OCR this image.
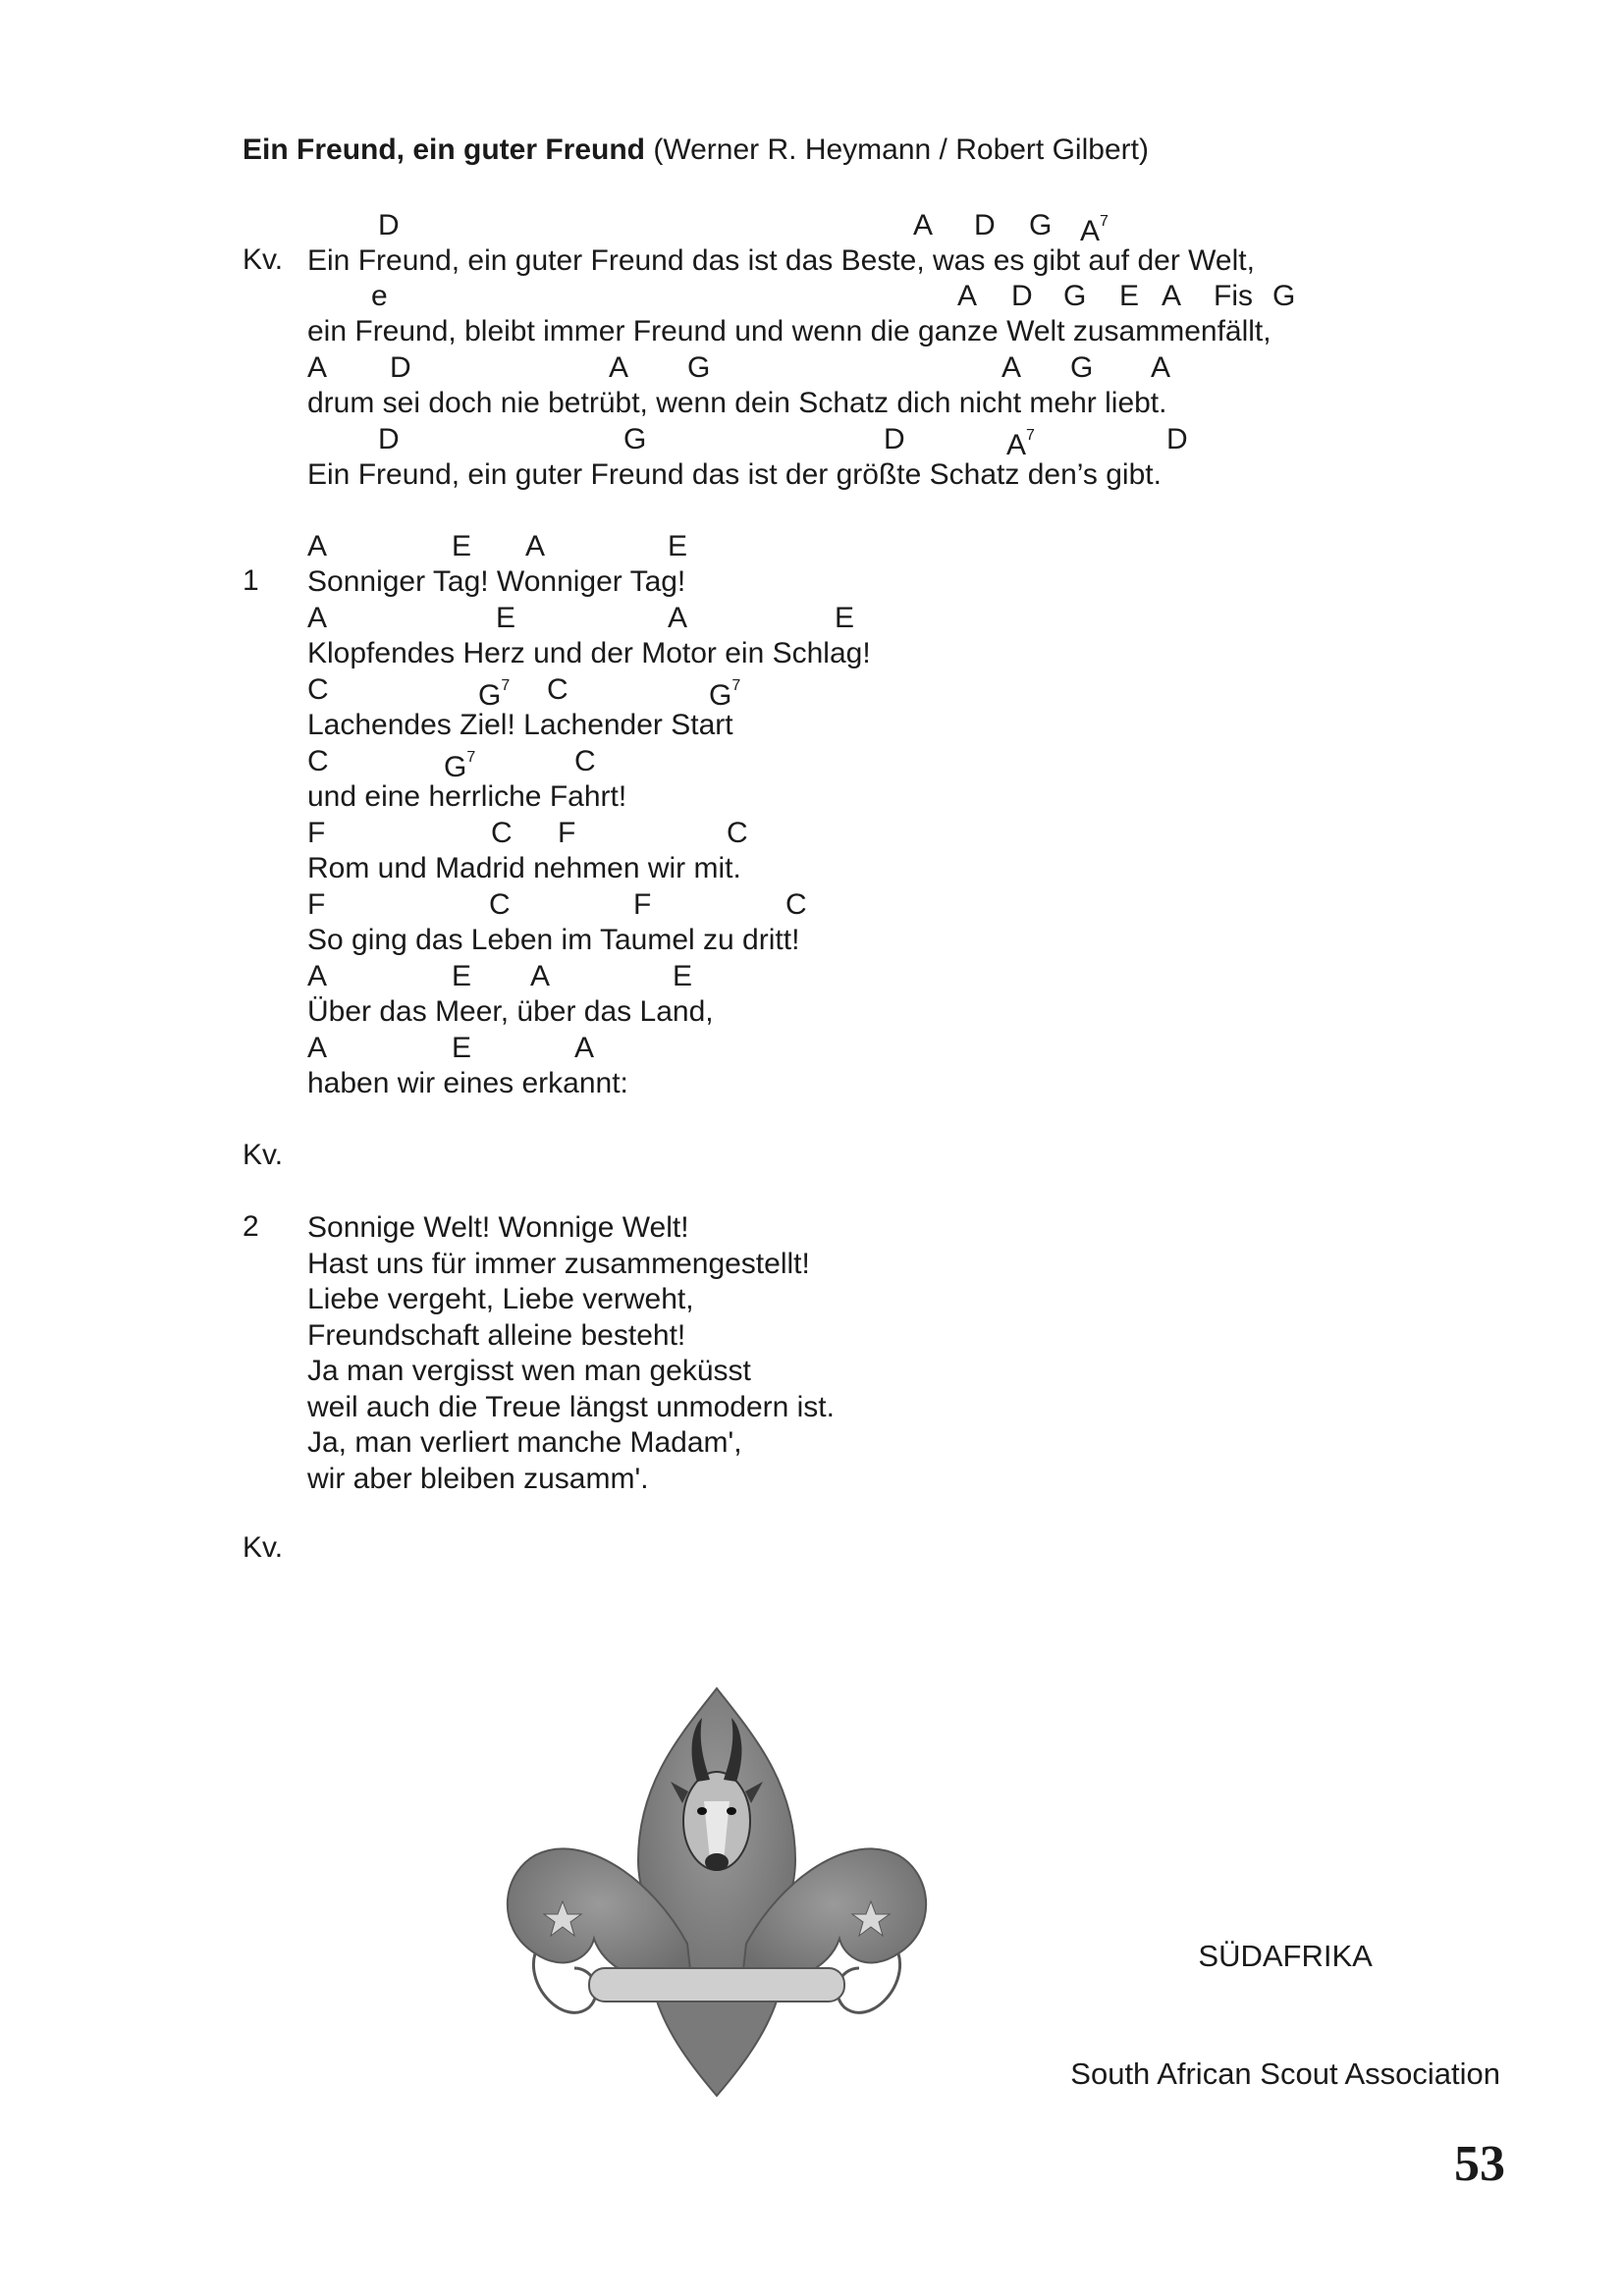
Ein Freund, ein guter Freund (Werner R. Heymann / Robert Gilbert)
Kv.
D	A D G $A^7$
Ein Freund, ein guter Freund das ist das Beste, was es gibt auf der Welt,
e	A D G E A Fis G
ein Freund, bleibt immer Freund und wenn die ganze Welt zusammenfällt,
A D	A G	A G A
drum sei doch nie betrübt, wenn dein Schatz dich nicht mehr liebt.
D	G	D	$A^7$	D
Ein Freund, ein guter Freund das ist der größte Schatz den’s gibt.
1
A	E A	E
Sonniger Tag! Wonniger Tag!
A	E	A	E
Klopfendes Herz und der Motor ein Schlag!
C	$G^7$ C	$G^7$
Lachendes Ziel! Lachender Start
C	$G^7$	C
und eine herrliche Fahrt!
F	C F	C
Rom und Madrid nehmen wir mit.
F	C	F	C
So ging das Leben im Taumel zu dritt!
A	E A	E
Über das Meer, über das Land,
A	E	A
haben wir eines erkannt:
Kv.
2 Sonnige Welt! Wonnige Welt!
Hast uns für immer zusammengestellt!
Liebe vergeht, Liebe verweht,
Freundschaft alleine besteht!
Ja man vergisst wen man geküsst
weil auch die Treue längst unmodern ist.
Ja, man verliert manche Madam',
wir aber bleiben zusamm'.
Kv.

SÜDAFRIKA

South African Scout Association

53
